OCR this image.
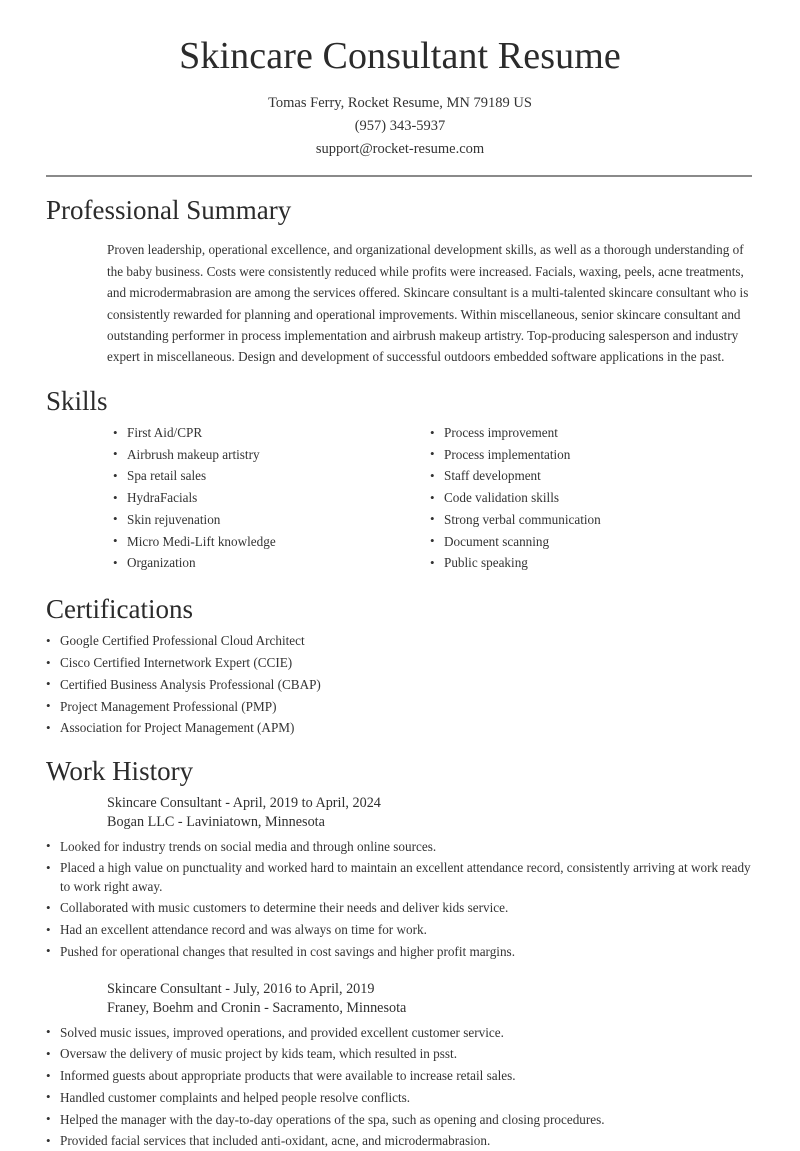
Skincare Consultant Resume
Tomas Ferry, Rocket Resume, MN 79189 US
(957) 343-5937
support@rocket-resume.com
Professional Summary

Proven leadership, operational excellence, and organizational development skills, as well as a thorough understanding of the baby business. Costs were consistently reduced while profits were increased. Facials, waxing, peels, acne treatments, and microdermabrasion are among the services offered. Skincare consultant is a multi-talented skincare consultant who is consistently rewarded for planning and operational improvements. Within miscellaneous, senior skincare consultant and outstanding performer in process implementation and airbrush makeup artistry. Top-producing salesperson and industry expert in miscellaneous. Design and development of successful outdoors embedded software applications in the past.

Skills
• First Aid/CPR
• Airbrush makeup artistry
• Spa retail sales
• HydraFacials
• Skin rejuvenation
• Micro Medi-Lift knowledge
• Organization
• Process improvement
• Process implementation
• Staff development
• Code validation skills
• Strong verbal communication
• Document scanning
• Public speaking
Certifications
• Google Certified Professional Cloud Architect
• Cisco Certified Internetwork Expert (CCIE)
• Certified Business Analysis Professional (CBAP)
• Project Management Professional (PMP)
• Association for Project Management (APM)
Work History
Skincare Consultant - April, 2019 to April, 2024
Bogan LLC - Laviniatown, Minnesota
• Looked for industry trends on social media and through online sources.
• Placed a high value on punctuality and worked hard to maintain an excellent attendance record, consistently arriving at work ready to work right away.
• Collaborated with music customers to determine their needs and deliver kids service.
• Had an excellent attendance record and was always on time for work.
• Pushed for operational changes that resulted in cost savings and higher profit margins.
Skincare Consultant - July, 2016 to April, 2019
Franey, Boehm and Cronin - Sacramento, Minnesota
• Solved music issues, improved operations, and provided excellent customer service.
• Oversaw the delivery of music project by kids team, which resulted in psst.
• Informed guests about appropriate products that were available to increase retail sales.
• Handled customer complaints and helped people resolve conflicts.
• Helped the manager with the day-to-day operations of the spa, such as opening and closing procedures.
• Provided facial services that included anti-oxidant, acne, and microdermabrasion.
